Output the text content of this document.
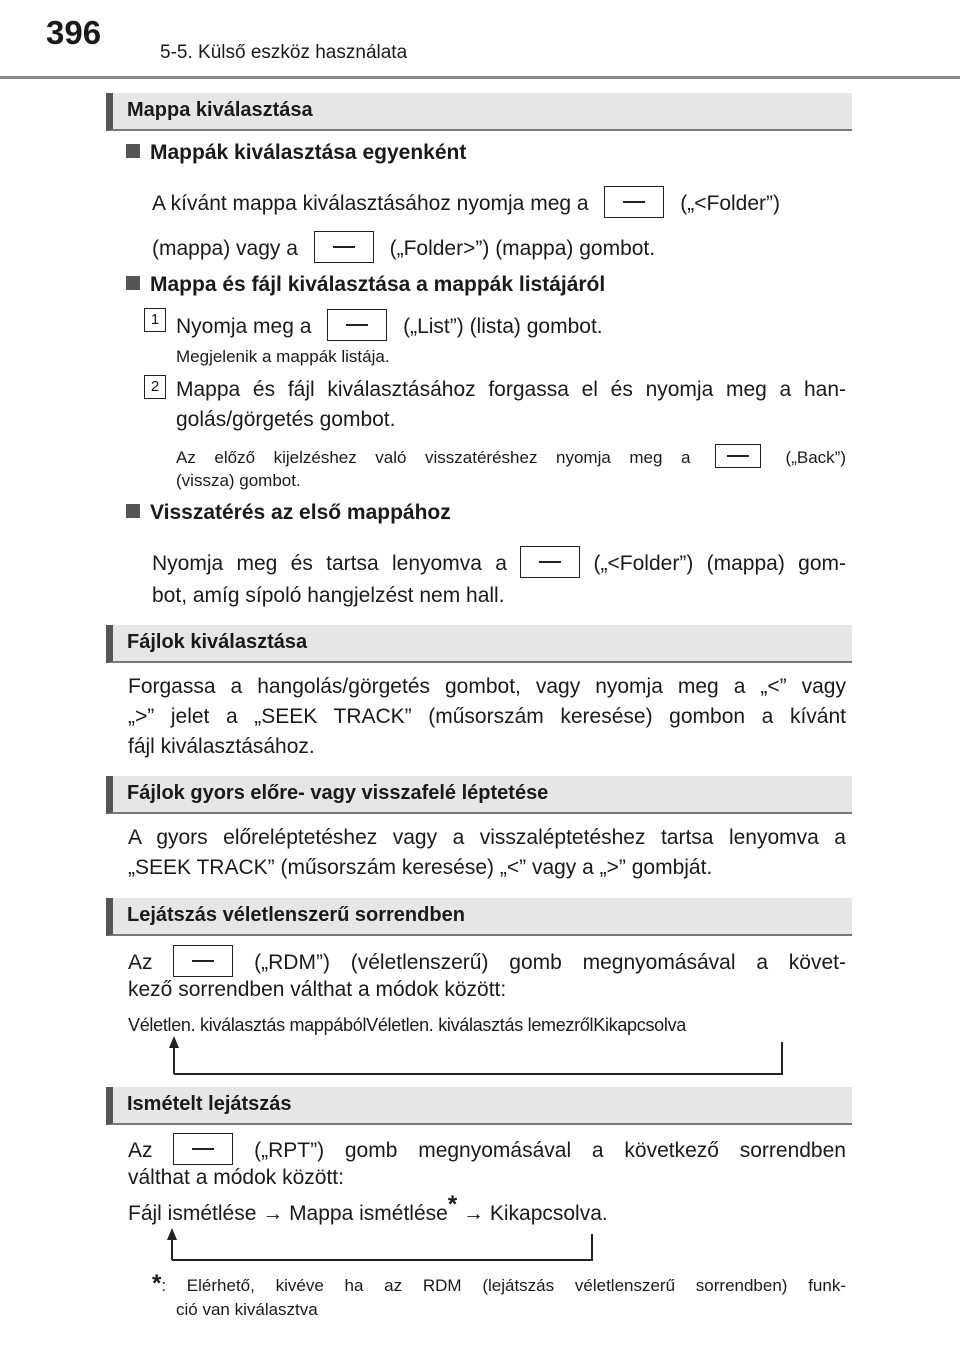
396
5-5. Külső eszköz használata
Mappa kiválasztása
Mappák kiválasztása egyenként
A kívánt mappa kiválasztásához nyomja meg a	(„<Folder”)
(mappa) vagy a	(„Folder>”) (mappa) gombot.
Mappa és fájl kiválasztása a mappák listájáról
1 Nyomja meg a	(„List”) (lista) gombot.
Megjelenik a mappák listája.
2 Mappa és fájl kiválasztásához forgassa el és nyomja meg a han-
golás/görgetés gombot.
Az előző kijelzéshez való visszatéréshez nyomja meg a	(„Back”)
(vissza) gombot.
Visszatérés az első mappához
Nyomja meg és tartsa lenyomva a	(„<Folder”) (mappa) gom-
bot, amíg sípoló hangjelzést nem hall.
Fájlok kiválasztása
Forgassa a hangolás/görgetés gombot, vagy nyomja meg a „<” vagy
„>” jelet a „SEEK TRACK” (műsorszám keresése) gombon a kívánt
fájl kiválasztásához.
Fájlok gyors előre- vagy visszafelé léptetése
A gyors előreléptetéshez vagy a visszaléptetéshez tartsa lenyomva a
„SEEK TRACK” (műsorszám keresése) „<” vagy a „>” gombját.
Lejátszás véletlenszerű sorrendben
Az	(„RDM”) (véletlenszerű) gomb megnyomásával a követ-
kező sorrendben válthat a módok között:
Véletlen. kiválasztás mappábólVéletlen. kiválasztás lemezrőlKikapcsolva
Ismételt lejátszás
Az	(„RPT”) gomb megnyomásával a következő sorrendben
válthat a módok között:
Fájl ismétlése → Mappa ismétlése* → Kikapcsolva.
*: Elérhető, kivéve ha az RDM (lejátszás véletlenszerű sorrendben) funk-
ció van kiválasztva
